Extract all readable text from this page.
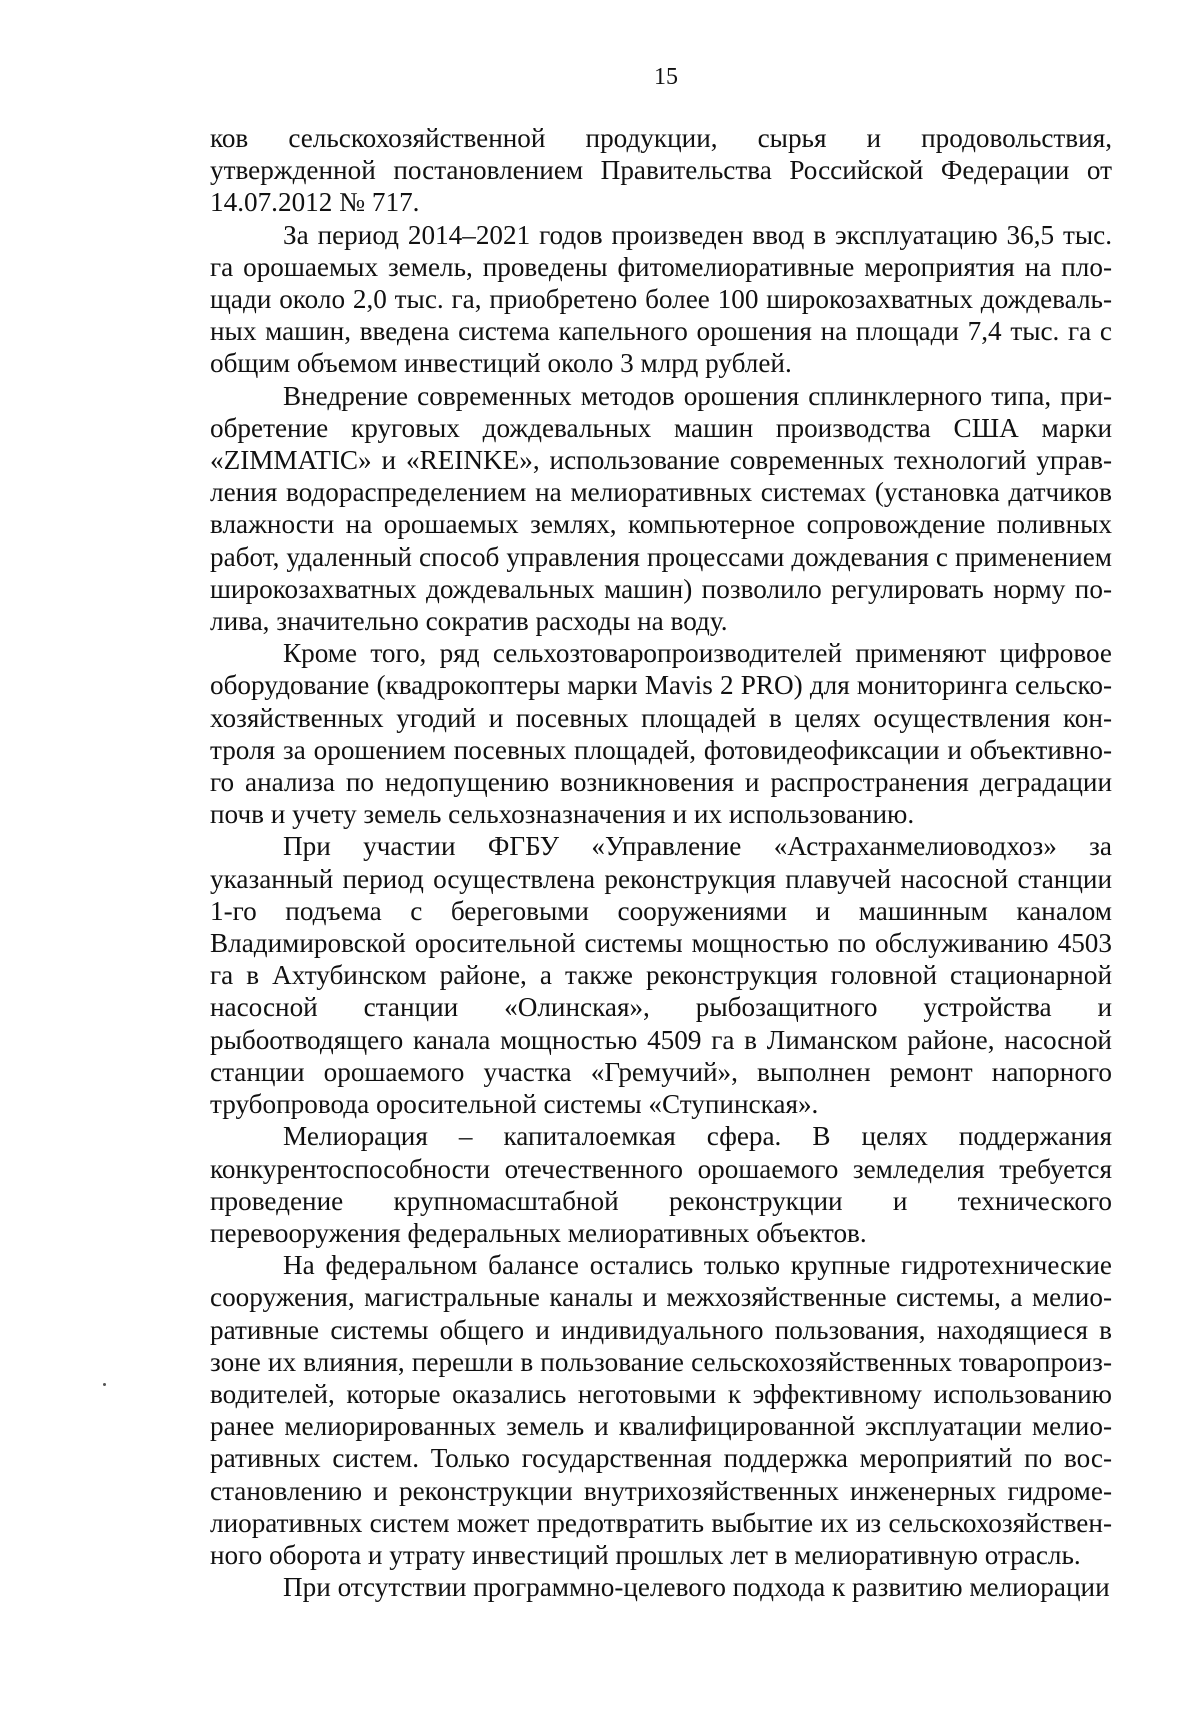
15

ков сельскохозяйственной продукции, сырья и продовольствия, утвержденной постановлением Правительства Российской Федерации от 14.07.2012 № 717.

За период 2014–2021 годов произведен ввод в эксплуатацию 36,5 тыс. га орошаемых земель, проведены фитомелиоративные мероприятия на площади около 2,0 тыс. га, приобретено более 100 широкозахватных дождевальных машин, введена система капельного орошения на площади 7,4 тыс. га с общим объемом инвестиций около 3 млрд рублей.

Внедрение современных методов орошения сплинклерного типа, приобретение круговых дождевальных машин производства США марки «ZIMMATIC» и «REINKE», использование современных технологий управления водораспределением на мелиоративных системах (установка датчиков влажности на орошаемых землях, компьютерное сопровождение поливных работ, удаленный способ управления процессами дождевания с применением широкозахватных дождевальных машин) позволило регулировать норму полива, значительно сократив расходы на воду.

Кроме того, ряд сельхозтоваропроизводителей применяют цифровое оборудование (квадрокоптеры марки Mavis 2 PRO) для мониторинга сельскохозяйственных угодий и посевных площадей в целях осуществления контроля за орошением посевных площадей, фотовидеофиксации и объективного анализа по недопущению возникновения и распространения деградации почв и учету земель сельхозназначения и их использованию.

При участии ФГБУ «Управление «Астраханмелиоводхоз» за указанный период осуществлена реконструкция плавучей насосной станции 1-го подъема с береговыми сооружениями и машинным каналом Владимировской оросительной системы мощностью по обслуживанию 4503 га в Ахтубинском районе, а также реконструкция головной стационарной насосной станции «Олинская», рыбозащитного устройства и рыбоотводящего канала мощностью 4509 га в Лиманском районе, насосной станции орошаемого участка «Гремучий», выполнен ремонт напорного трубопровода оросительной системы «Ступинская».

Мелиорация – капиталоемкая сфера. В целях поддержания конкурентоспособности отечественного орошаемого земледелия требуется проведение крупномасштабной реконструкции и технического перевооружения федеральных мелиоративных объектов.

На федеральном балансе остались только крупные гидротехнические сооружения, магистральные каналы и межхозяйственные системы, а мелиоративные системы общего и индивидуального пользования, находящиеся в зоне их влияния, перешли в пользование сельскохозяйственных товаропроизводителей, которые оказались неготовыми к эффективному использованию ранее мелиорированных земель и квалифицированной эксплуатации мелиоративных систем. Только государственная поддержка мероприятий по восстановлению и реконструкции внутрихозяйственных инженерных гидромелиоративных систем может предотвратить выбытие их из сельскохозяйственного оборота и утрату инвестиций прошлых лет в мелиоративную отрасль.

При отсутствии программно-целевого подхода к развитию мелиорации
